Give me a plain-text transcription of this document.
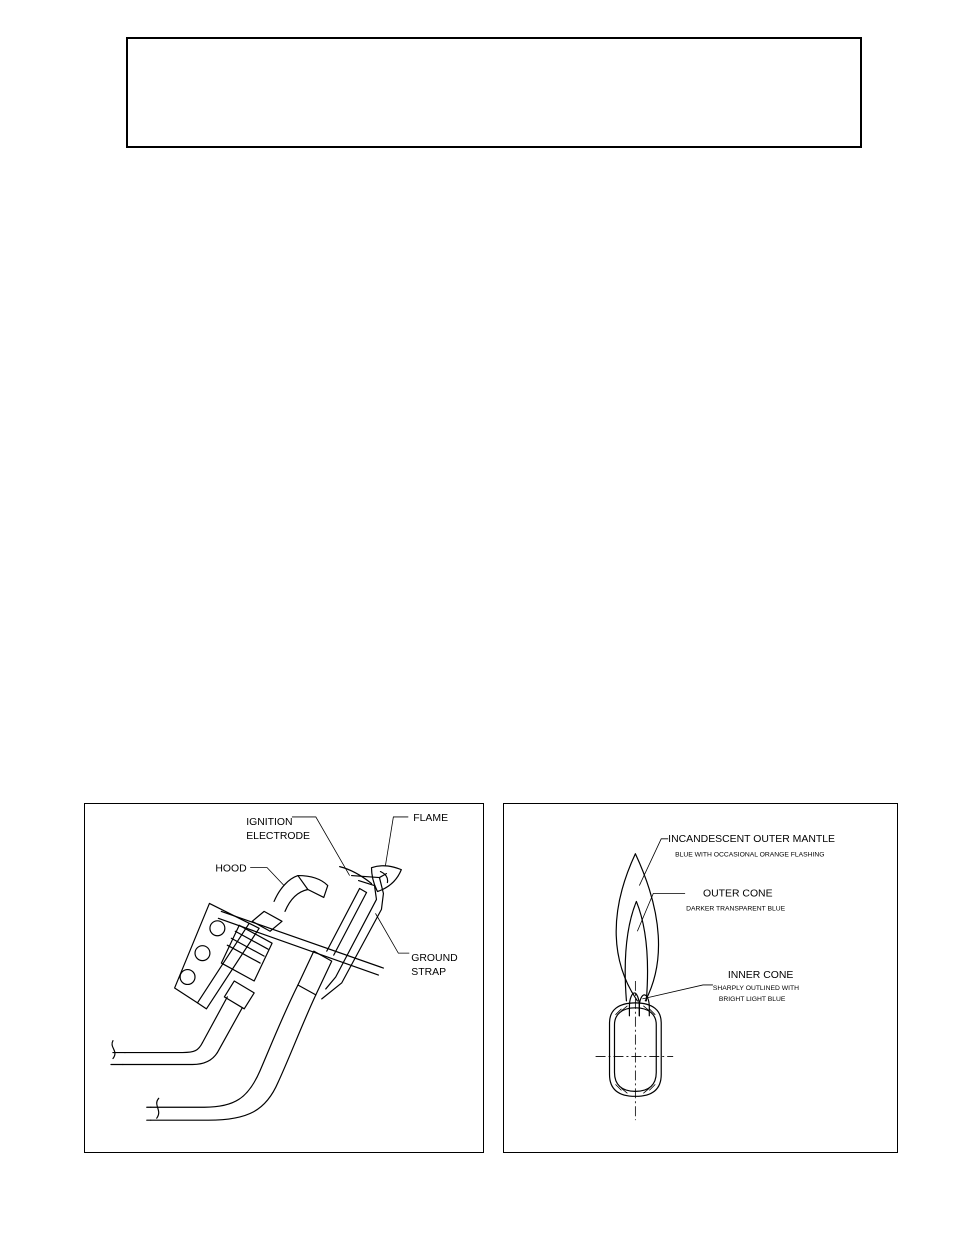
HOOD
IGNITION
ELECTRODE
FLAME
GROUND
STRAP
INCANDESCENT OUTER MANTLE
BLUE WITH OCCASIONAL ORANGE FLASHING
OUTER CONE
DARKER TRANSPARENT BLUE
INNER CONE
SHARPLY OUTLINED WITH
BRIGHT LIGHT BLUE
